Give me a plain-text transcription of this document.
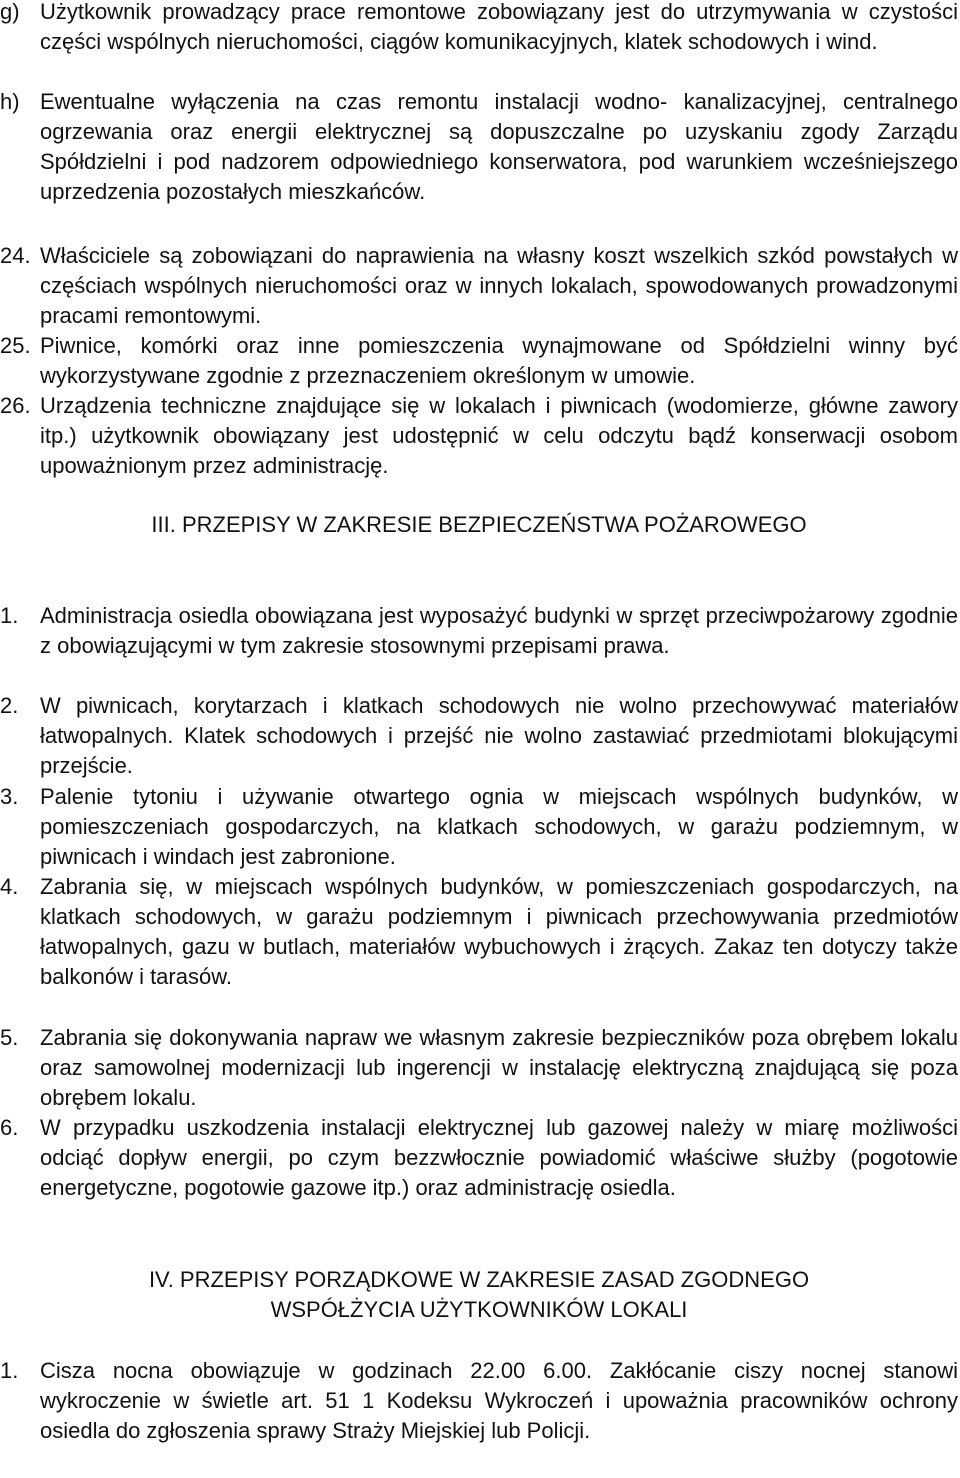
g) Użytkownik prowadzący prace remontowe zobowiązany jest do utrzymywania w czystości części wspólnych nieruchomości, ciągów komunikacyjnych, klatek schodowych i wind.

h) Ewentualne wyłączenia na czas remontu instalacji wodno- kanalizacyjnej, centralnego ogrzewania oraz energii elektrycznej są dopuszczalne po uzyskaniu zgody Zarządu Spółdzielni i pod nadzorem odpowiedniego konserwatora, pod warunkiem wcześniejszego uprzedzenia pozostałych mieszkańców.

24. Właściciele są zobowiązani do naprawienia na własny koszt wszelkich szkód powstałych w częściach wspólnych nieruchomości oraz w innych lokalach, spowodowanych prowadzonymi pracami remontowymi.

25. Piwnice, komórki oraz inne pomieszczenia wynajmowane od Spółdzielni winny być wykorzystywane zgodnie z przeznaczeniem określonym w umowie.

26. Urządzenia techniczne znajdujące się w lokalach i piwnicach (wodomierze, główne zawory itp.) użytkownik obowiązany jest udostępnić w celu odczytu bądź konserwacji osobom upoważnionym przez administrację.

III. PRZEPISY W ZAKRESIE BEZPIECZEŃSTWA POŻAROWEGO

1. Administracja osiedla obowiązana jest wyposażyć budynki w sprzęt przeciwpożarowy zgodnie z obowiązującymi w tym zakresie stosownymi przepisami prawa.

2. W piwnicach, korytarzach i klatkach schodowych nie wolno przechowywać materiałów łatwopalnych. Klatek schodowych i przejść nie wolno zastawiać przedmiotami blokującymi przejście.

3. Palenie tytoniu i używanie otwartego ognia w miejscach wspólnych budynków, w pomieszczeniach gospodarczych, na klatkach schodowych, w garażu podziemnym, w piwnicach i windach jest zabronione.

4. Zabrania się, w miejscach wspólnych budynków, w pomieszczeniach gospodarczych, na klatkach schodowych, w garażu podziemnym i piwnicach przechowywania przedmiotów łatwopalnych, gazu w butlach, materiałów wybuchowych i żrących. Zakaz ten dotyczy także balkonów i tarasów.

5. Zabrania się dokonywania napraw we własnym zakresie bezpieczników poza obrębem lokalu oraz samowolnej modernizacji lub ingerencji w instalację elektryczną znajdującą się poza obrębem lokalu.

6. W przypadku uszkodzenia instalacji elektrycznej lub gazowej należy w miarę możliwości odciąć dopływ energii, po czym bezzwłocznie powiadomić właściwe służby (pogotowie energetyczne, pogotowie gazowe itp.) oraz administrację osiedla.

IV. PRZEPISY PORZĄDKOWE W ZAKRESIE ZASAD ZGODNEGO

WSPÓŁŻYCIA UŻYTKOWNIKÓW LOKALI

1. Cisza nocna obowiązuje w godzinach 22.00 6.00. Zakłócanie ciszy nocnej stanowi wykroczenie w świetle art. 51 1 Kodeksu Wykroczeń i upoważnia pracowników ochrony osiedla do zgłoszenia sprawy Straży Miejskiej lub Policji.
